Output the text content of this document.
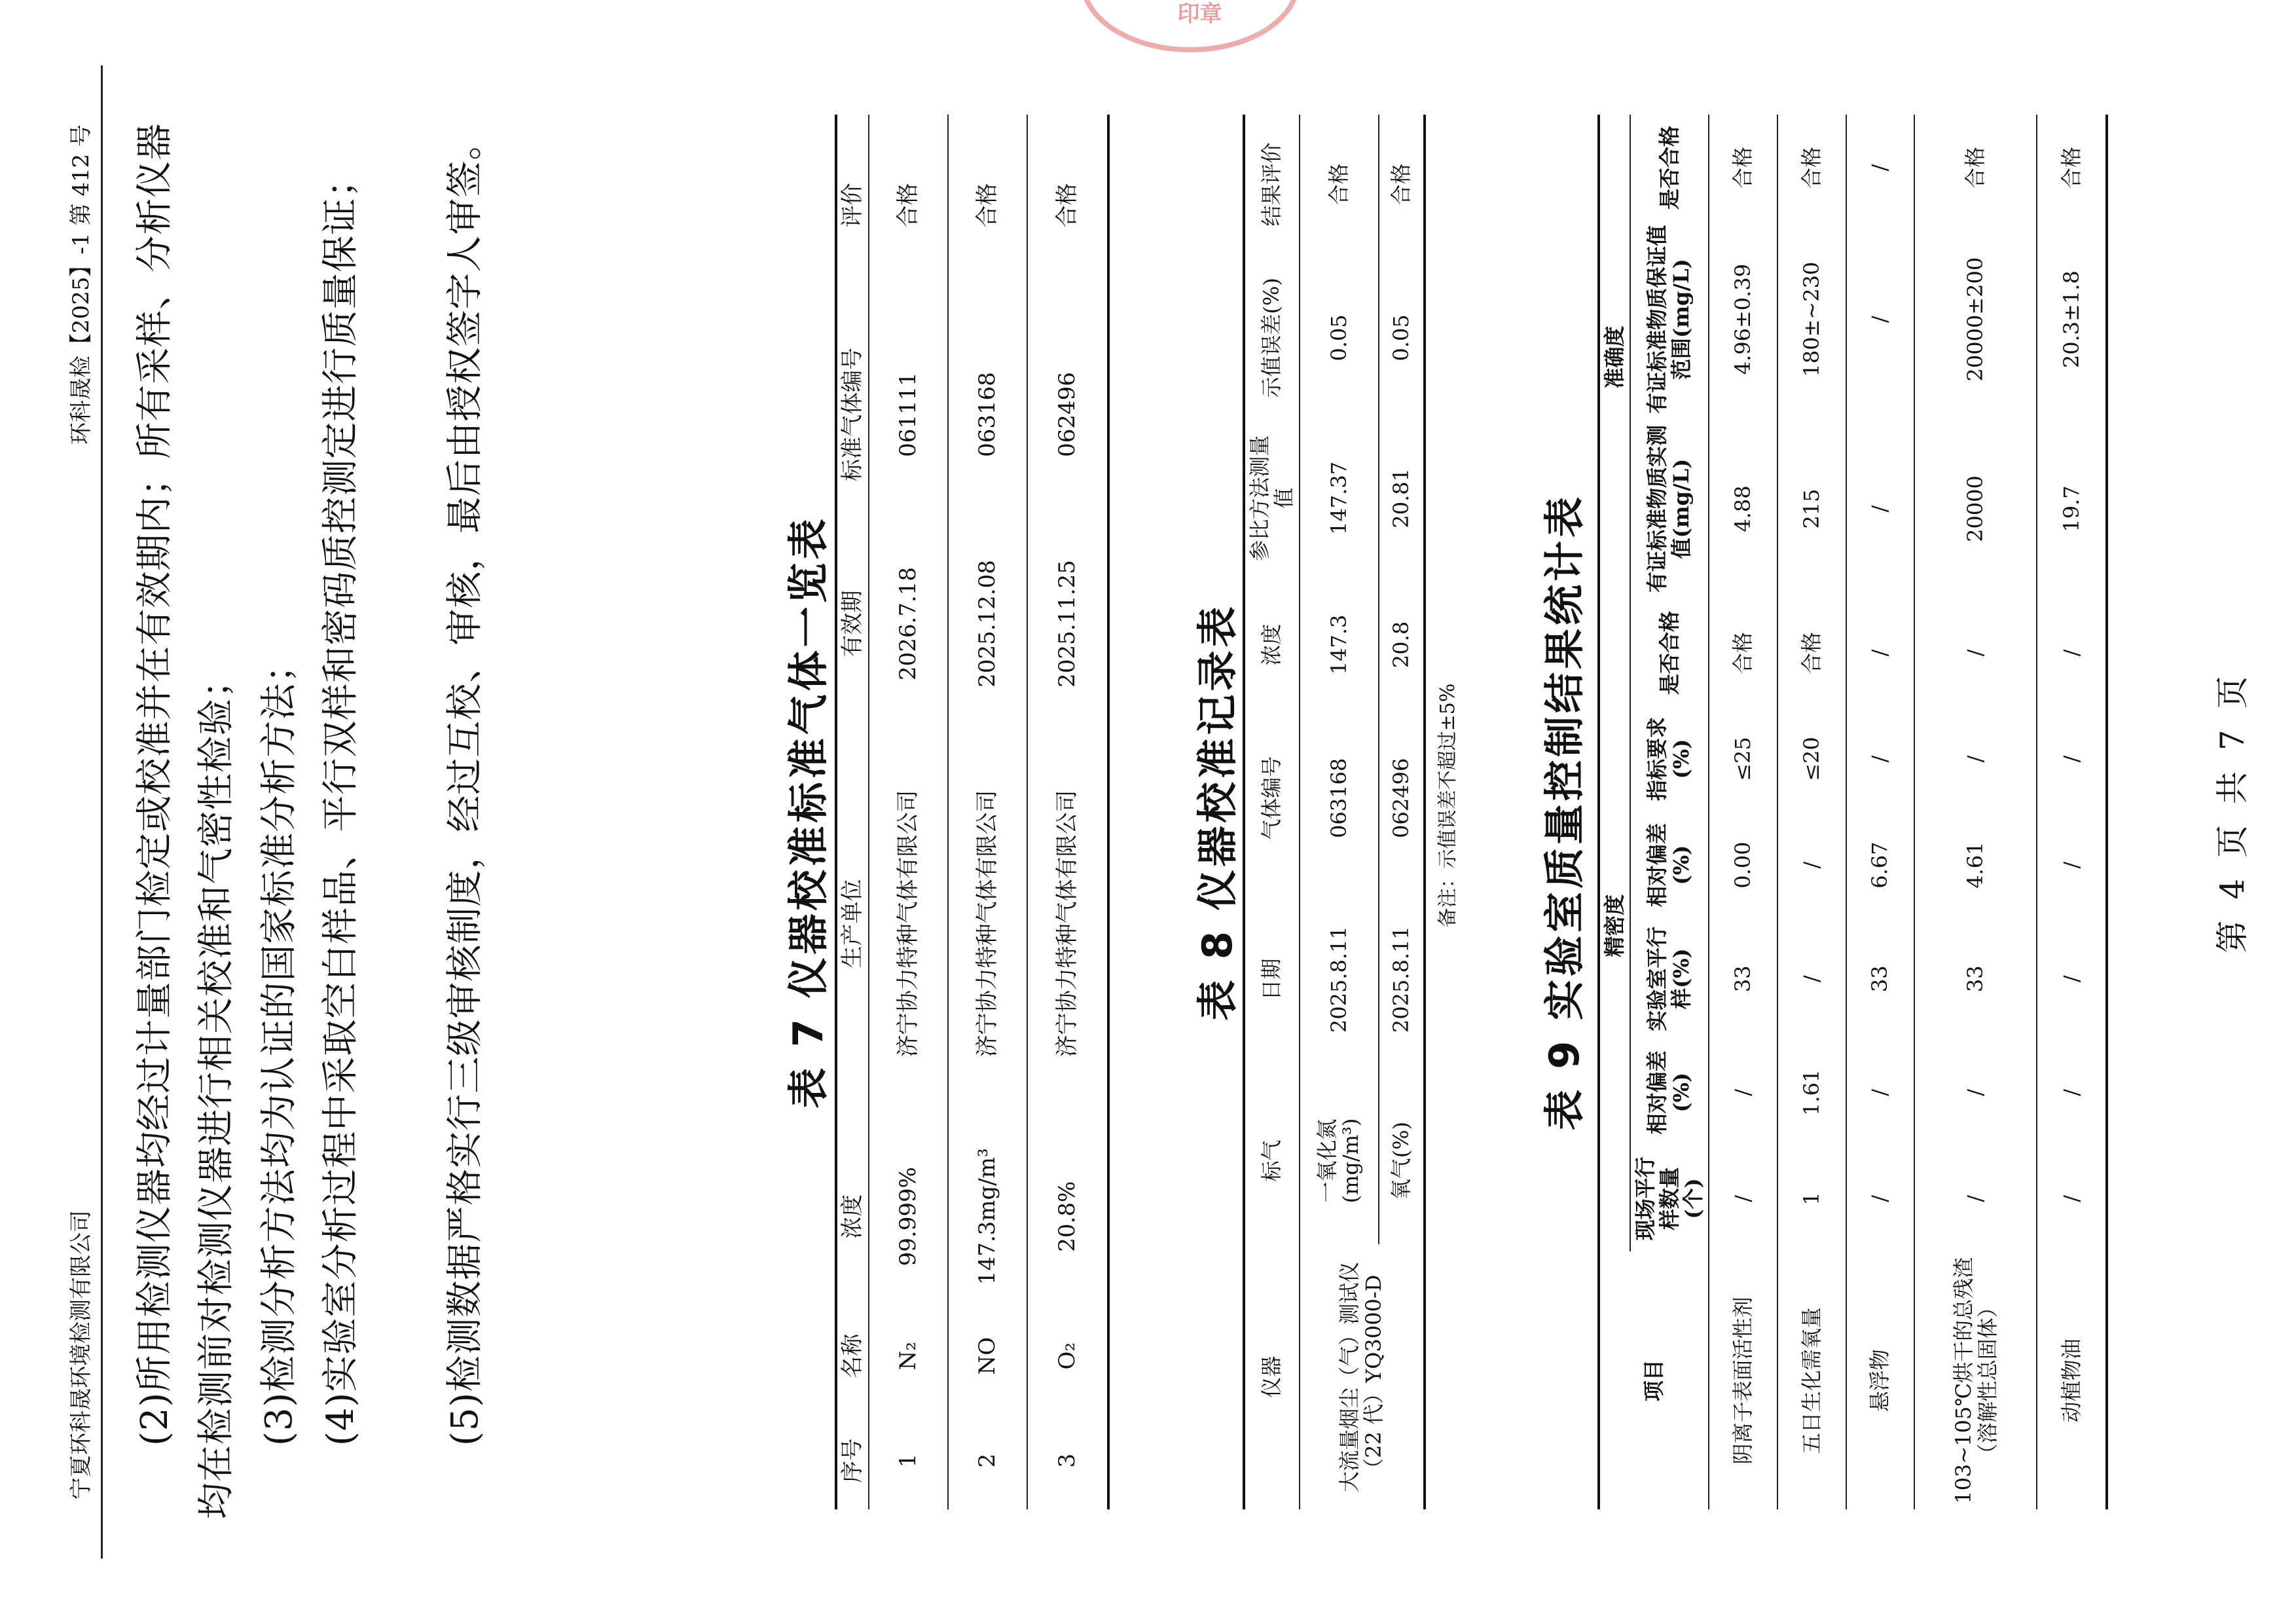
宁夏环科晟环境检测有限公司
环科晟检【2025】-1 第 412 号 (2)所用检测仪器均经过计量部门检定或校准并在有效期内；所有采样、分析仪器均在检测前对检测仪器进行相关校准和气密性检验； (3)检测分析方法均为认证的国家标准分析方法； (4)实验室分析过程中采取空白样品、平行双样和密码质控测定进行质量保证； (5)检测数据严格实行三级审核制度，经过互校、审核，最后由授权签字人审签。	表 7 仪器校准标准气体一览表
序号	名称	浓度	生产单位	有效期	标准气体编号	评价
1	N₂	99.999%	济宁协力特种气体有限公司	2026.7.18	061111	合格
2	NO	147.3mg/m³	济宁协力特种气体有限公司	2025.12.08	063168	合格
3	O₂	20.8%	济宁协力特种气体有限公司	2025.11.25	062496	合格
表 8 仪器校准记录表
仪器	标气	日期	气体编号	浓度	参比方法测量值	示值误差(%)	结果评价
大流量烟尘（气）测试仪（22 代）YQ3000-D	一氧化氮(mg/m³)	2025.8.11	063168	147.3	147.37	0.05	合格
	氧气(%)	2025.8.11	062496	20.8	20.81	0.05	合格
备注：示值误差不超过±5% 表 9 实验室质量控制结果统计表
项目	精密度						准确度		
	现场平行样数量(个)	相对偏差(%)	实验室平行样(%)	相对偏差(%)	指标要求(%)	是否合格	有证标准物质实测值(mg/L)	有证标准物质保证值范围(mg/L)	是否合格
阴离子表面活性剂	/	/	33	0.00	≤25	合格	4.88	4.96±0.39	合格
五日生化需氧量	1	1.61	/	/	≤20	合格	215	180±~230	合格
悬浮物	/	/	33	6.67	/	/	/	/	/
103~105℃烘干的总残渣（溶解性总固体）	/	/	33	4.61	/	/	20000	20000±200	合格
动植物油	/	/	/	/	/	/	19.7	20.3±1.8	合格
印章
第 4 页 共 7 页
